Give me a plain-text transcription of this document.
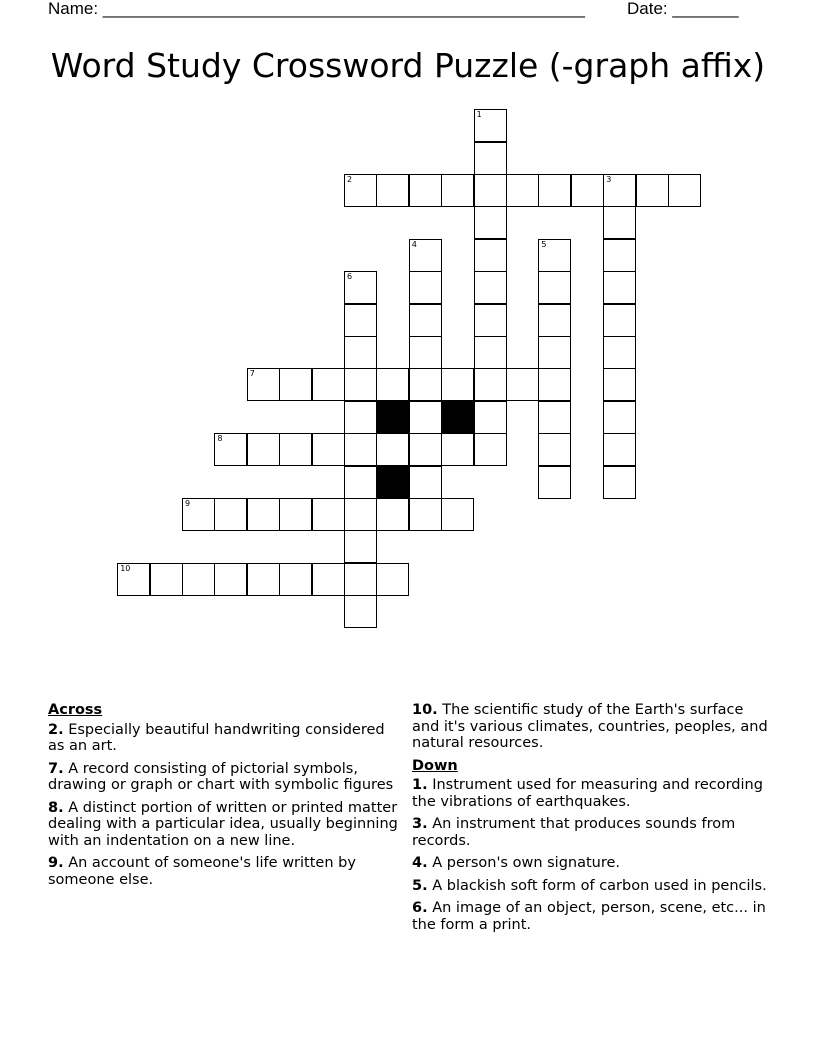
Name: ___________________________________________________ Date: _______
Word Study Crossword Puzzle (-graph affix)
1
2	3
4	5
6
7
8
9
10
Across
2. Especially beautiful handwriting considered as an art.
7. A record consisting of pictorial symbols, drawing or graph or chart with symbolic figures
8. A distinct portion of written or printed matter dealing with a particular idea, usually beginning with an indentation on a new line.
9. An account of someone's life written by someone else.
10. The scientific study of the Earth's surface and it's various climates, countries, peoples, and natural resources.
Down
1. Instrument used for measuring and recording the vibrations of earthquakes.
3. An instrument that produces sounds from records.
4. A person's own signature.
5. A blackish soft form of carbon used in pencils.
6. An image of an object, person, scene, etc... in the form a print.
